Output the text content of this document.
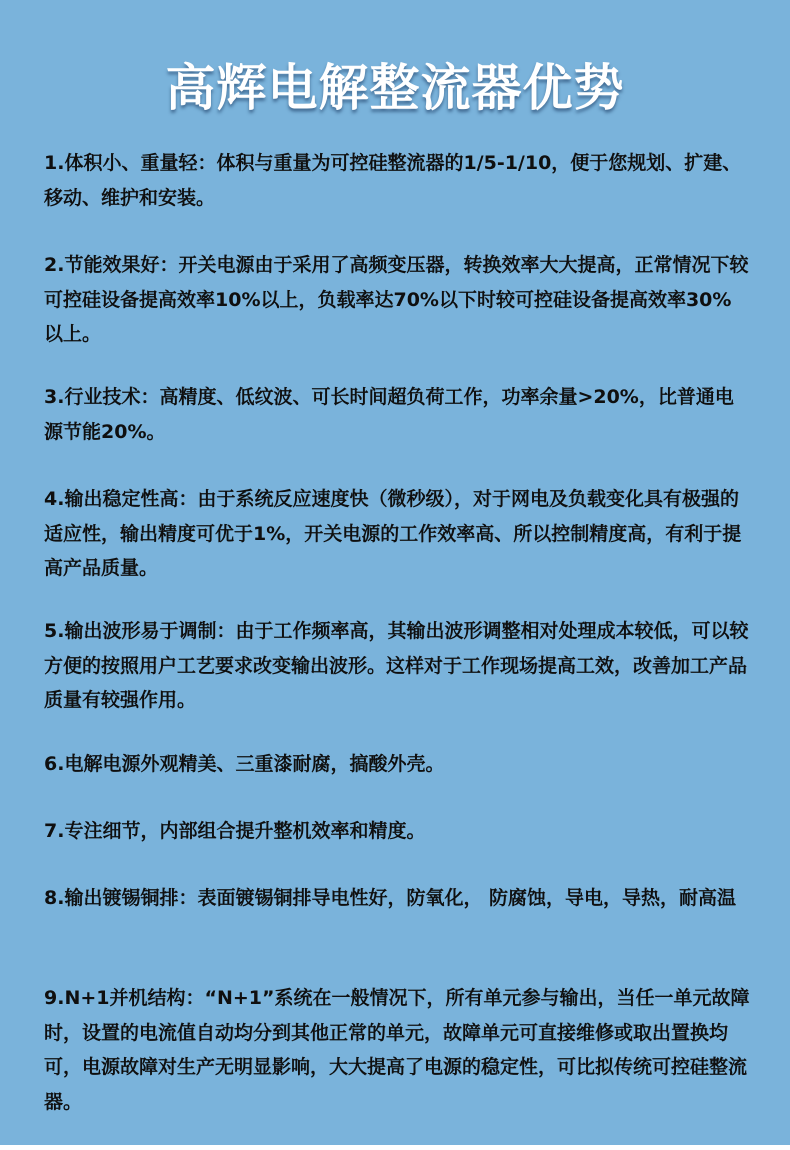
高辉电解整流器优势
1.体积小、重量轻：体积与重量为可控硅整流器的1/5-1/10，便于您规划、扩建、移动、维护和安装。
2.节能效果好：开关电源由于采用了高频变压器，转换效率大大提高，正常情况下较可控硅设备提高效率10%以上，负载率达70%以下时较可控硅设备提高效率30%以上。
3.行业技术：高精度、低纹波、可长时间超负荷工作，功率余量>20%，比普通电源节能20%。
4.输出稳定性高：由于系统反应速度快（微秒级），对于网电及负载变化具有极强的适应性，输出精度可优于1%，开关电源的工作效率高、所以控制精度高，有利于提高产品质量。
5.输出波形易于调制：由于工作频率高，其输出波形调整相对处理成本较低，可以较方便的按照用户工艺要求改变输出波形。这样对于工作现场提高工效，改善加工产品质量有较强作用。
6.电解电源外观精美、三重漆耐腐，搞酸外壳。
7.专注细节，内部组合提升整机效率和精度。
8.输出镀锡铜排：表面镀锡铜排导电性好，防氧化， 防腐蚀，导电，导热，耐高温
9.N+1并机结构：“N+1”系统在一般情况下，所有单元参与输出，当任一单元故障时，设置的电流值自动均分到其他正常的单元，故障单元可直接维修或取出置换均可，电源故障对生产无明显影响，大大提高了电源的稳定性，可比拟传统可控硅整流器。
